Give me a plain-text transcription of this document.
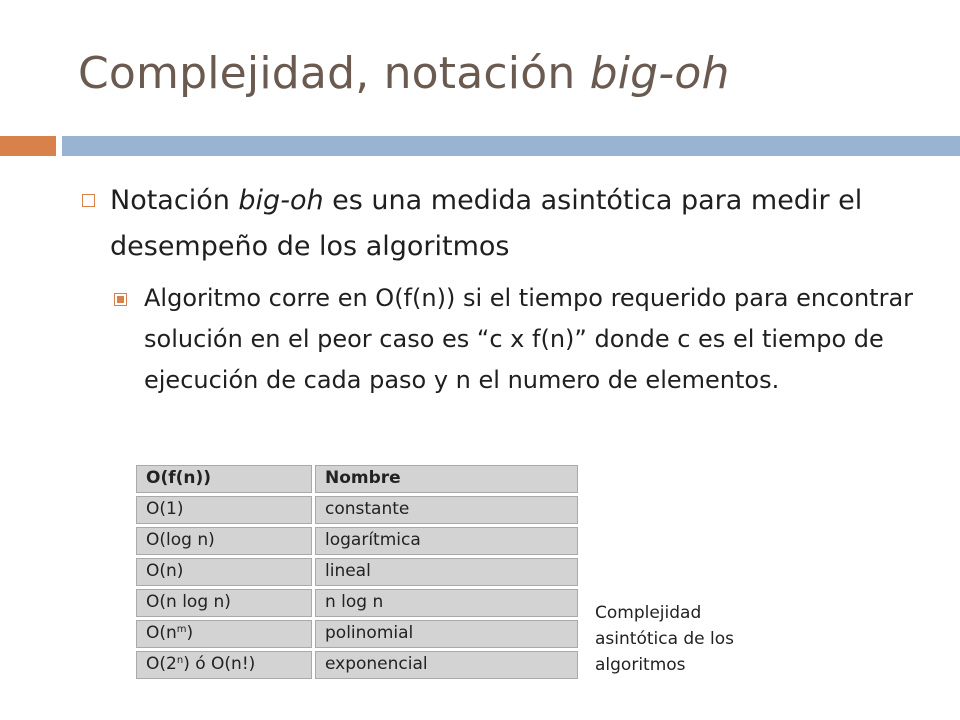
Complejidad, notación big-oh
Notación big-oh es una medida asintótica para medir el desempeño de los algoritmos
Algoritmo corre en O(f(n)) si el tiempo requerido para encontrar solución en el peor caso es “c x f(n)” donde c es el tiempo de ejecución de cada paso y n el numero de elementos.
O(f(n))	Nombre
O(1)	constante
O(log n)	logarítmica
O(n)	lineal
O(n log n)	n log n
$O(n^m)$	polinomial
O(2$^n$) ó O(n!)	exponencial
Complejidad asintótica de los algoritmos
